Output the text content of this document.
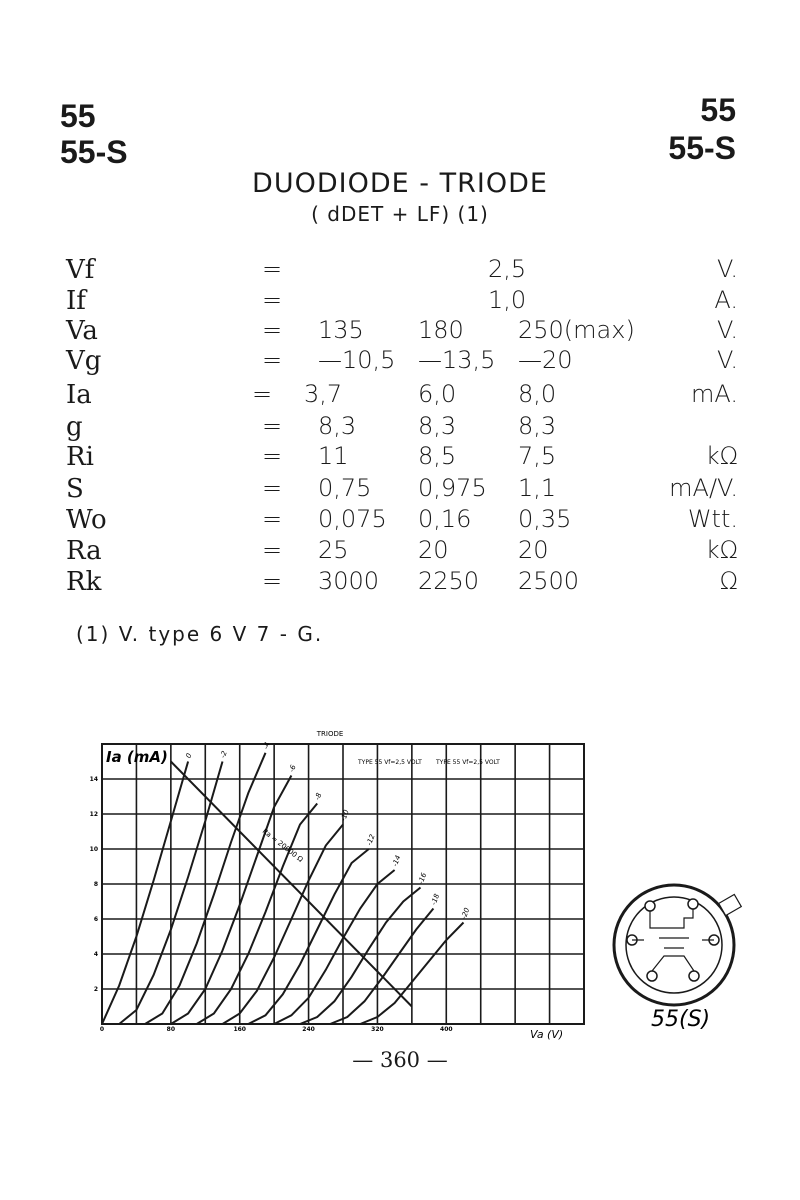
55
55-S
55
55-S
DUODIODE - TRIODE
( dDET + LF) (1)
Vf	=	2,5	V.
If	=	1,0	A.
Va	= 135 180 250(max)	V.
Vg	= —10,5 —13,5 —20	V.
Ia	= 3,7	6,0	8,0	mA.
g	= 8,3	8,3	8,3
Ri	= 11	8,5	7,5	kΩ
S	= 0,75 0,975 1,1	mA/V.
Wo	= 0,075 0,16 0,35	Wtt.
Ra	= 25	20	20	kΩ
Rk	= 3000 2250 2500	Ω
(1) V. type 6 V 7 - G.
TRIODE
0	-2
-4
-6
-8
-10
-12
-14
-16
-18
-20
0	80	160	240	320	400
2
4
6
8
10
12
14
Ia (mA)
Va (V)
TYPE 55 Vf=2,5 VOLT TYPE 55 Vf=2,5 VOLT
Ra = 20000 Ω
55(S)
— 360 —
